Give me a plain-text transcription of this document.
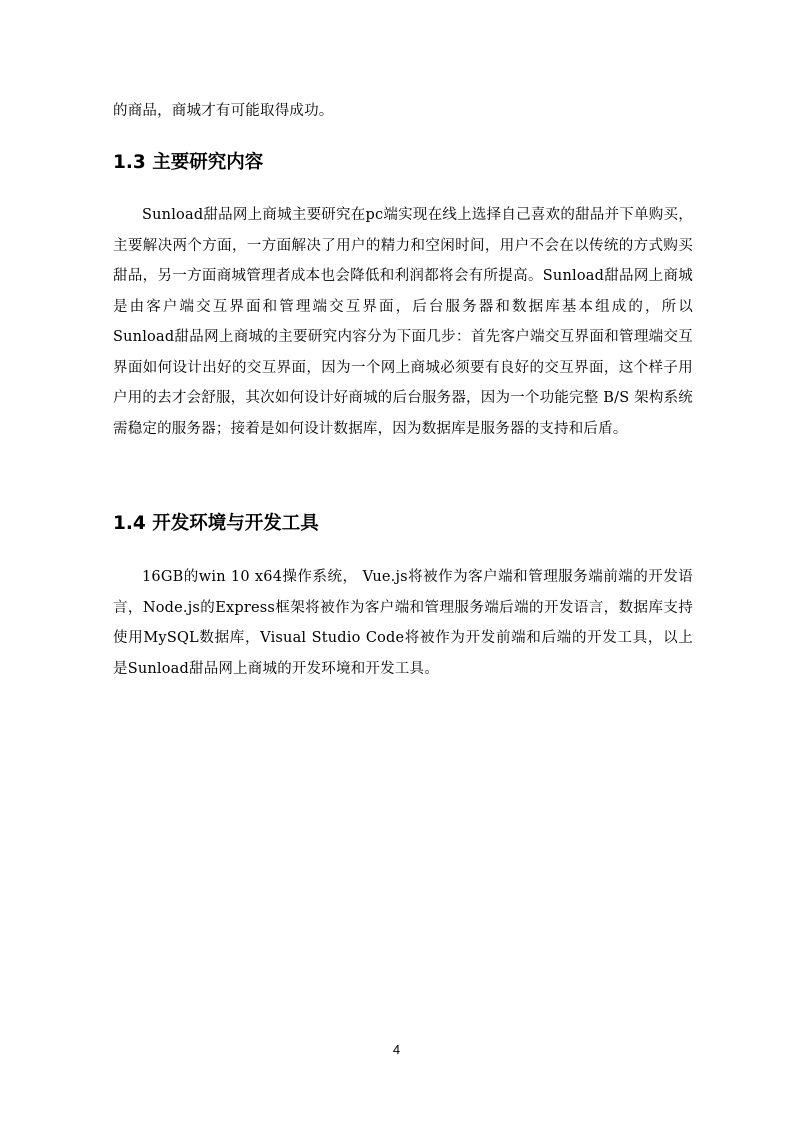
的商品，商城才有可能取得成功。

1.3 主要研究内容

Sunload甜品网上商城主要研究在pc端实现在线上选择自己喜欢的甜品并下单购买，主要解决两个方面，一方面解决了用户的精力和空闲时间，用户不会在以传统的方式购买甜品，另一方面商城管理者成本也会降低和利润都将会有所提高。Sunload甜品网上商城是由客户端交互界面和管理端交互界面，后台服务器和数据库基本组成的，所以 Sunload甜品网上商城的主要研究内容分为下面几步：首先客户端交互界面和管理端交互界面如何设计出好的交互界面，因为一个网上商城必须要有良好的交互界面，这个样子用户用的去才会舒服，其次如何设计好商城的后台服务器，因为一个功能完整 B/S 架构系统需稳定的服务器；接着是如何设计数据库，因为数据库是服务器的支持和后盾。

1.4 开发环境与开发工具

16GB的win 10 x64操作系统， Vue.js将被作为客户端和管理服务端前端的开发语言，Node.js的Express框架将被作为客户端和管理服务端后端的开发语言，数据库支持使用MySQL数据库，Visual Studio Code将被作为开发前端和后端的开发工具，以上是Sunload甜品网上商城的开发环境和开发工具。

4
